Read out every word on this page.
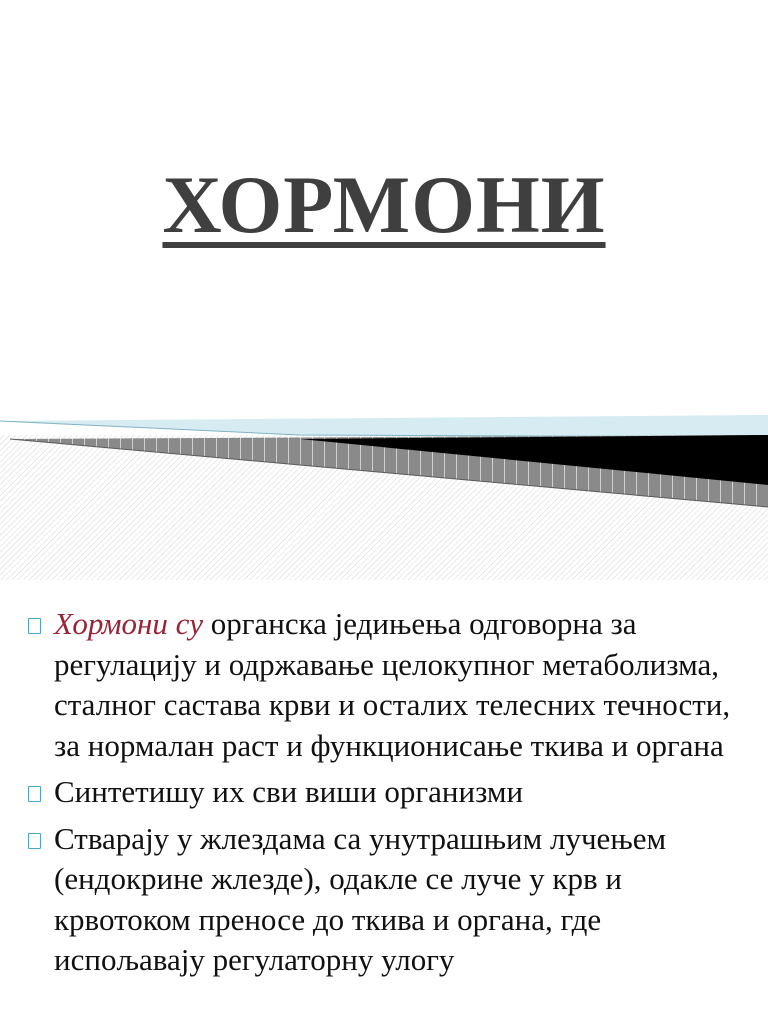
ХОРМОНИ
Хормони су органска једињења одговорна за регулацију и одржавање целокупног метаболизма, сталног састава крви и осталих телесних течности, за нормалан раст и функционисање ткива и органа
Синтетишу их сви виши организми
Стварају у жлездама са унутрашњим лучењем (ендокрине жлезде), одакле се луче у крв и крвотоком преносе до ткива и органа, где испољавају регулаторну улогу
